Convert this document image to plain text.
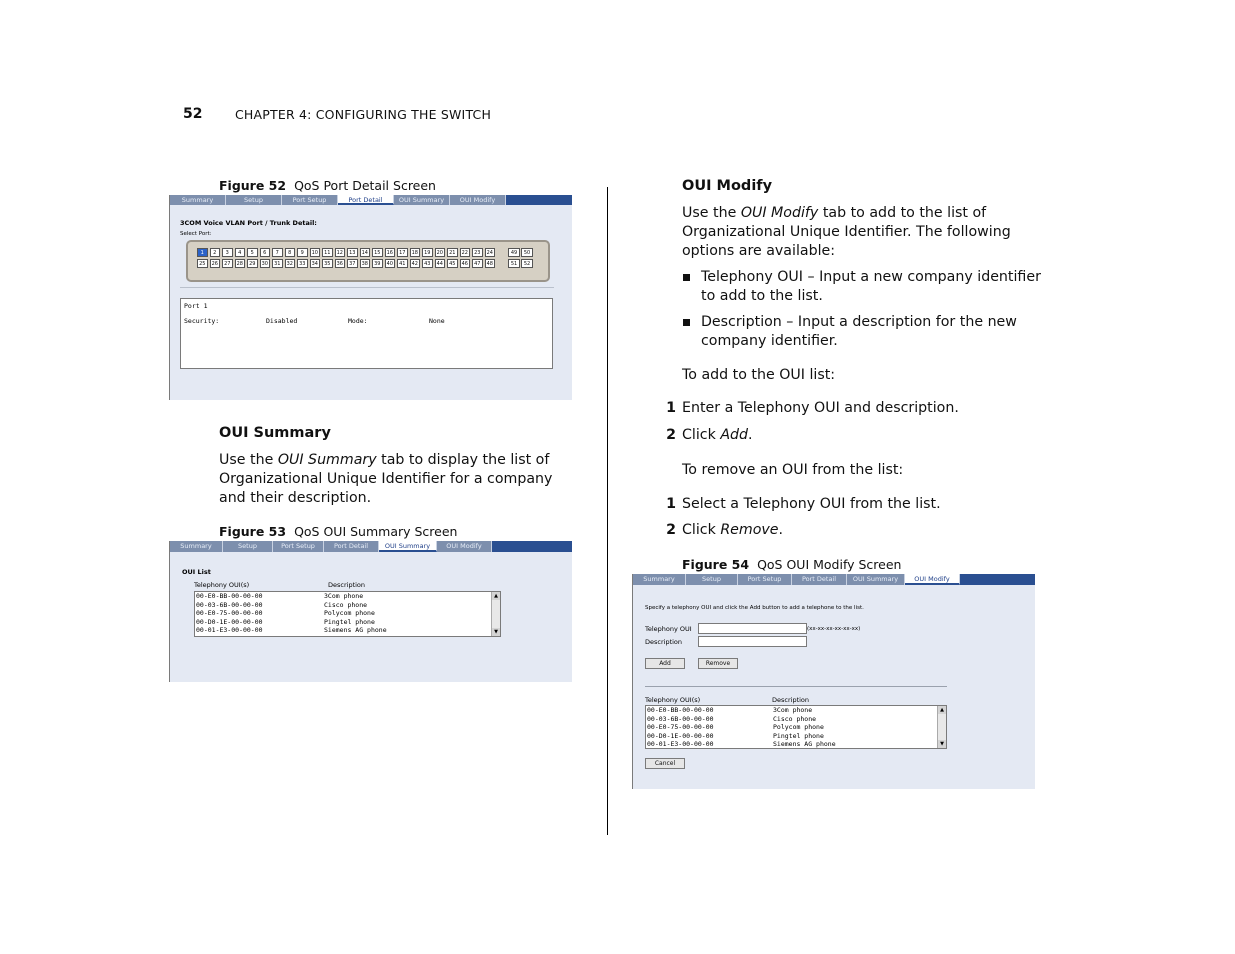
52	CHAPTER 4: CONFIGURING THE SWITCH
Figure 52 QoS Port Detail Screen
Summary	Setup	Port Setup	Port Detail	OUI Summary	OUI Modify
3COM Voice VLAN Port / Trunk Detail:
Select Port:
1	2	3	4	5	6	7	8	9	10	11	12	13	14	15	16	17	18	19	20	21	22	23	24
25	26	27	28	29	30	31	32	33	34	35	36	37	38	39	40	41	42	43	44	45	46	47	48
49	50
51	52
Port 1
Security:	Disabled	Mode:	None
OUI Summary
Use the OUI Summary tab to display the list of Organizational Unique Identifier for a company and their description.
Figure 53 QoS OUI Summary Screen
Summary	Setup	Port Setup	Port Detail	OUI Summary	OUI Modify
OUI List
Telephony OUI(s)	Description
00-E0-BB-00-00-00	3Com phone
00-03-6B-00-00-00	Cisco phone
00-E0-75-00-00-00	Polycom phone
00-D0-1E-00-00-00	Pingtel phone
00-01-E3-00-00-00	Siemens AG phone
▲
▼
OUI Modify
Use the OUI Modify tab to add to the list of Organizational Unique Identifier. The following options are available:
Telephony OUI – Input a new company identifier to add to the list.
Description – Input a description for the new company identifier.
To add to the OUI list:
1 Enter a Telephony OUI and description.
2 Click Add.
To remove an OUI from the list:
1 Select a Telephony OUI from the list.
2 Click Remove.
Figure 54 QoS OUI Modify Screen
Summary	Setup	Port Setup	Port Detail	OUI Summary	OUI Modify
Specify a telephony OUI and click the Add button to add a telephone to the list.
Telephony OUI	(xx-xx-xx-xx-xx-xx)
Description
Add	Remove
Telephony OUI(s)	Description
00-E0-BB-00-00-00	3Com phone
00-03-6B-00-00-00	Cisco phone
00-E0-75-00-00-00	Polycom phone
00-D0-1E-00-00-00	Pingtel phone
00-01-E3-00-00-00	Siemens AG phone
▲
▼
Cancel
